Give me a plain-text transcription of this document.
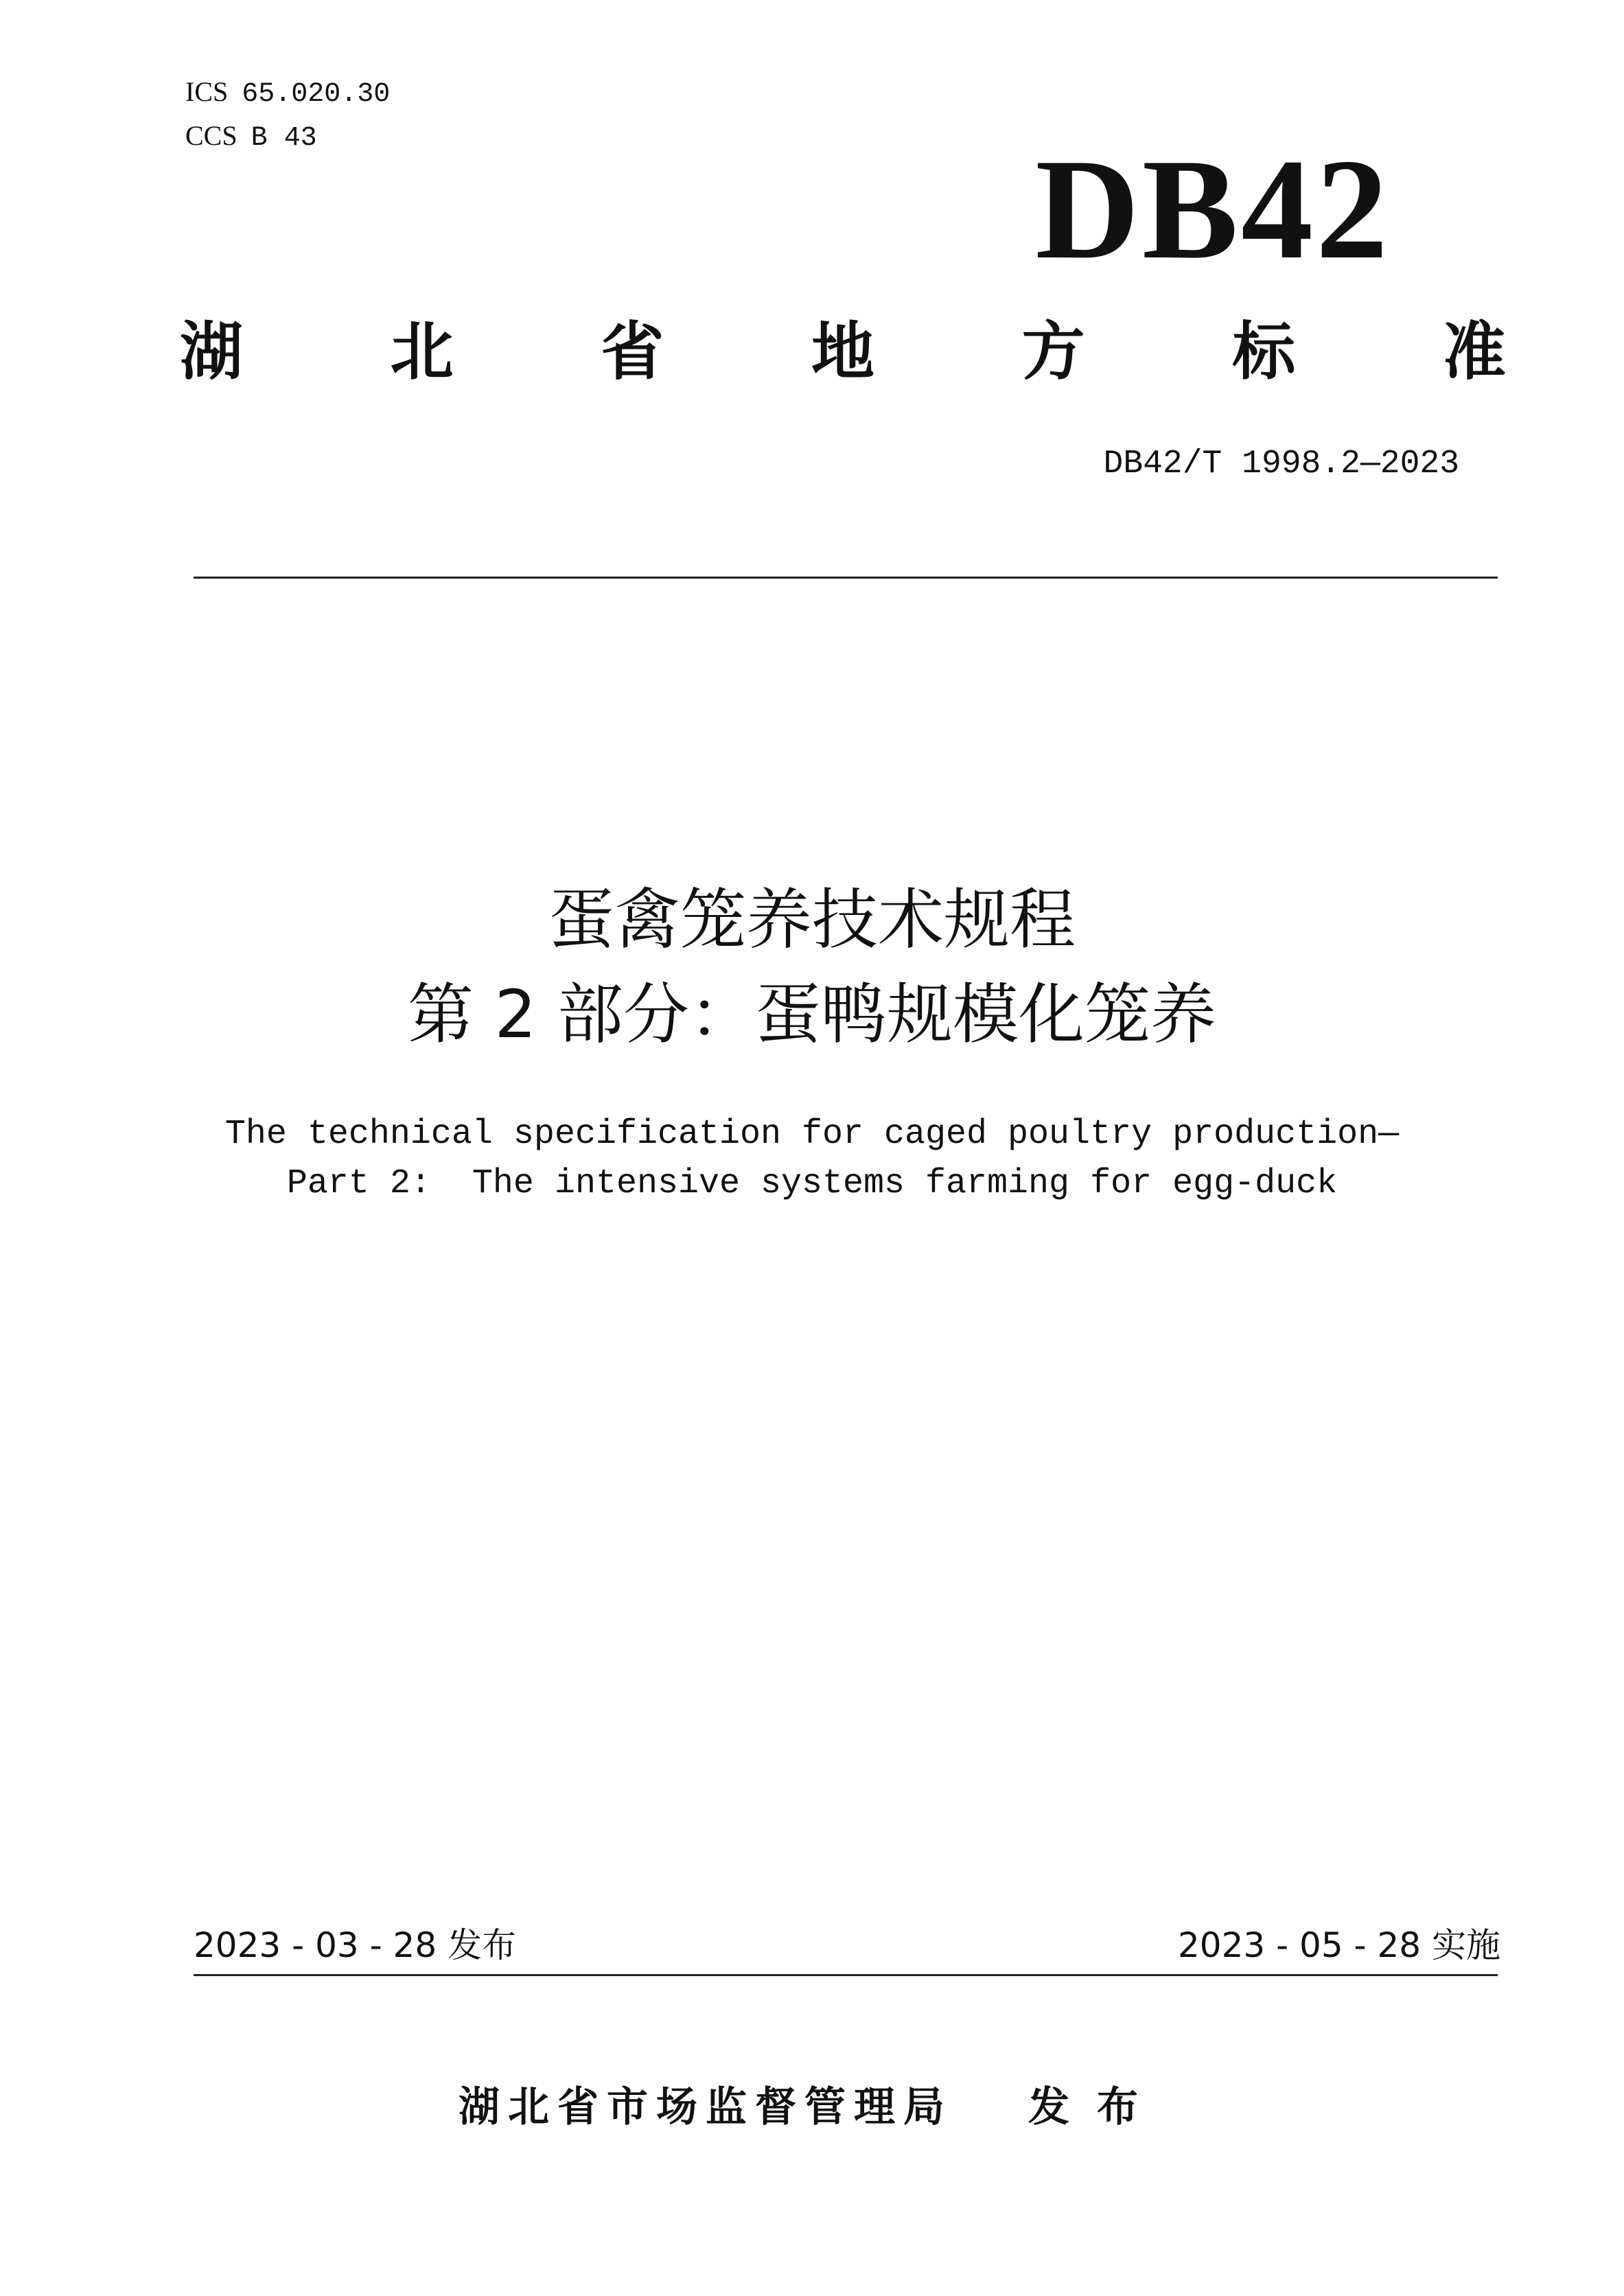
ICS 65.020.30
CCS B 43	DB42
湖 北 省 地 方 标 准
DB42/T 1998.2—2023
蛋禽笼养技术规程
第 2 部分：蛋鸭规模化笼养
The technical specification for caged poultry production—
Part 2:  The intensive systems farming for egg-duck
2023 - 03 - 28 发布	2023 - 05 - 28 实施
湖北省市场监督管理局 发布
